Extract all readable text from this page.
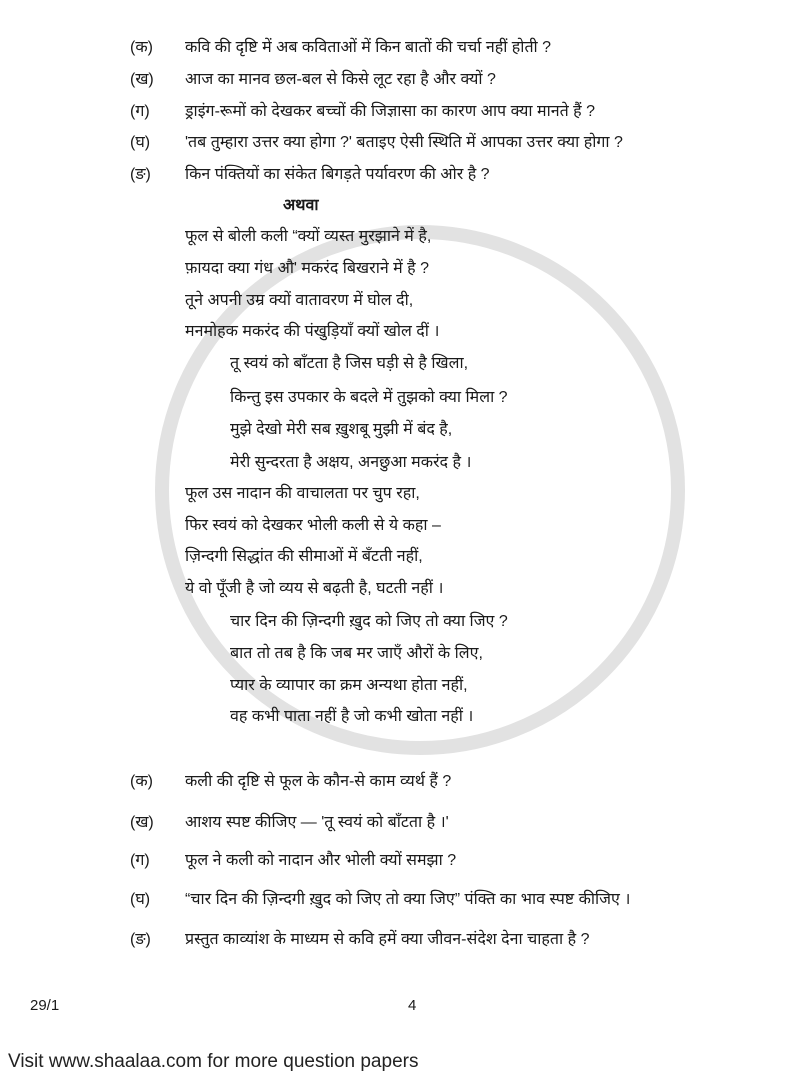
(क) कवि की दृष्टि में अब कविताओं में किन बातों की चर्चा नहीं होती ?
(ख) आज का मानव छल-बल से किसे लूट रहा है और क्यों ?
(ग) ड्राइंग-रूमों को देखकर बच्चों की जिज्ञासा का कारण आप क्या मानते हैं ?
(घ) 'तब तुम्हारा उत्तर क्या होगा ?' बताइए ऐसी स्थिति में आपका उत्तर क्या होगा ?
(ङ) किन पंक्तियों का संकेत बिगड़ते पर्यावरण की ओर है ?
अथवा
फूल से बोली कली “क्यों व्यस्त मुरझाने में है,
फ़ायदा क्या गंध औ' मकरंद बिखराने में है ?
तूने अपनी उम्र क्यों वातावरण में घोल दी,
मनमोहक मकरंद की पंखुड़ियाँ क्यों खोल दीं ।
तू स्वयं को बाँटता है जिस घड़ी से है खिला,
किन्तु इस उपकार के बदले में तुझको क्या मिला ?
मुझे देखो मेरी सब ख़ुशबू मुझी में बंद है,
मेरी सुन्दरता है अक्षय, अनछुआ मकरंद है ।
फूल उस नादान की वाचालता पर चुप रहा,
फिर स्वयं को देखकर भोली कली से ये कहा –
ज़िन्दगी सिद्धांत की सीमाओं में बँटती नहीं,
ये वो पूँजी है जो व्यय से बढ़ती है, घटती नहीं ।
चार दिन की ज़िन्दगी ख़ुद को जिए तो क्या जिए ?
बात तो तब है कि जब मर जाएँ औरों के लिए,
प्यार के व्यापार का क्रम अन्यथा होता नहीं,
वह कभी पाता नहीं है जो कभी खोता नहीं ।
(क) कली की दृष्टि से फूल के कौन-से काम व्यर्थ हैं ?
(ख) आशय स्पष्ट कीजिए — 'तू स्वयं को बाँटता है ।'
(ग) फूल ने कली को नादान और भोली क्यों समझा ?
(घ) “चार दिन की ज़िन्दगी ख़ुद को जिए तो क्या जिए” पंक्ति का भाव स्पष्ट कीजिए ।
(ङ) प्रस्तुत काव्यांश के माध्यम से कवि हमें क्या जीवन-संदेश देना चाहता है ?
29/1	4
Visit www.shaalaa.com for more question papers
